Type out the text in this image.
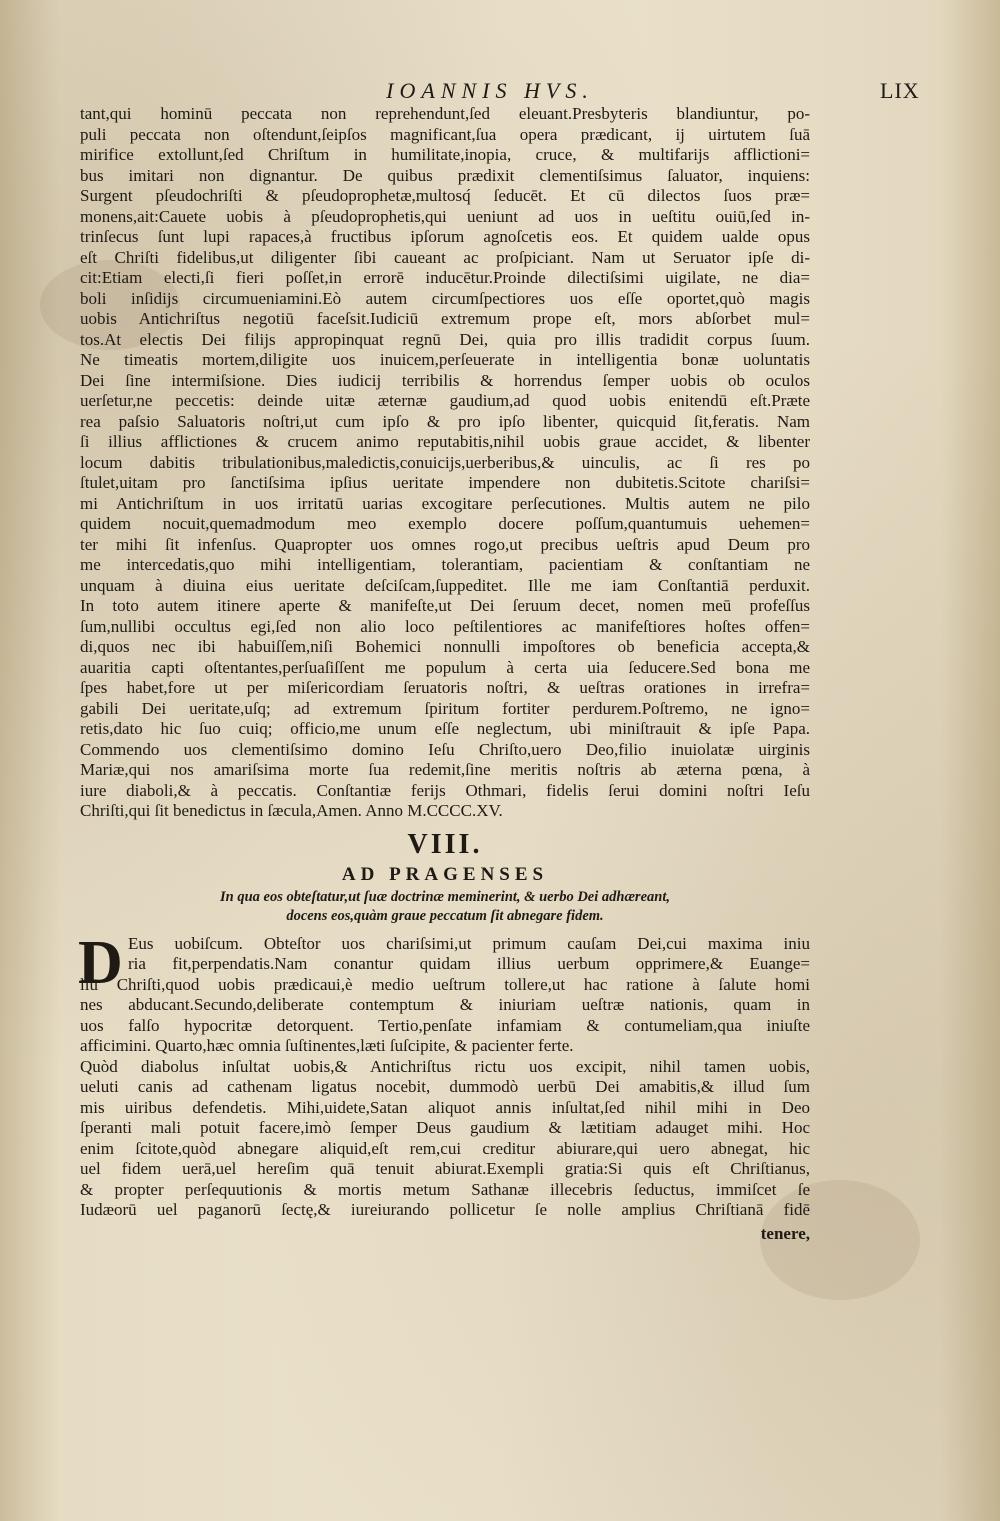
IOANNIS HVS.	LIX
tant,qui hominū peccata non reprehendunt,ſed eleuant.Presbyteris blandiuntur, po-
puli peccata non oſtendunt,ſeipſos magnificant,ſua opera prædicant, ij uirtutem ſuā
mirifice extollunt,ſed Chriſtum in humilitate,inopia, cruce, & multifarijs afflictioni=
bus imitari non dignantur. De quibus prædixit clementiſsimus ſaluator, inquiens:
Surgent pſeudochriſti & pſeudoprophetæ,multosq́ ſeducēt. Et cū dilectos ſuos præ=
monens,ait:Cauete uobis à pſeudoprophetis,qui ueniunt ad uos in ueſtitu ouiū,ſed in-
trinſecus ſunt lupi rapaces,à fructibus ipſorum agnoſcetis eos. Et quidem ualde opus
eſt Chriſti fidelibus,ut diligenter ſibi caueant ac proſpiciant. Nam ut Seruator ipſe di-
cit:Etiam electi,ſi fieri poſſet,in errorē inducētur.Proinde dilectiſsimi uigilate, ne dia=
boli inſidijs circumueniamini.Eò autem circumſpectiores uos eſſe oportet,quò magis
uobis Antichriſtus negotiū faceſsit.Iudiciū extremum prope eſt, mors abſorbet mul=
tos.At electis Dei filijs appropinquat regnū Dei, quia pro illis tradidit corpus ſuum.
Ne timeatis mortem,diligite uos inuicem,perſeuerate in intelligentia bonæ uoluntatis
Dei ſine intermiſsione. Dies iudicij terribilis & horrendus ſemper uobis ob oculos
uerſetur,ne peccetis: deinde uitæ æternæ gaudium,ad quod uobis enitendū eſt.Præte
rea paſsio Saluatoris noſtri,ut cum ipſo & pro ipſo libenter, quicquid ſit,feratis. Nam
ſi illius afflictiones & crucem animo reputabitis,nihil uobis graue accidet, & libenter
locum dabitis tribulationibus,maledictis,conuicijs,uerberibus,& uinculis, ac ſi res po
ſtulet,uitam pro ſanctiſsima ipſius ueritate impendere non dubitetis.Scitote chariſsi=
mi Antichriſtum in uos irritatū uarias excogitare perſecutiones. Multis autem ne pilo
quidem nocuit,quemadmodum meo exemplo docere poſſum,quantumuis uehemen=
ter mihi ſit infenſus. Quapropter uos omnes rogo,ut precibus ueſtris apud Deum pro
me intercedatis,quo mihi intelligentiam, tolerantiam, pacientiam & conſtantiam ne
unquam à diuina eius ueritate deſciſcam,ſuppeditet. Ille me iam Conſtantiā perduxit.
In toto autem itinere aperte & manifeſte,ut Dei ſeruum decet, nomen meū profeſſus
ſum,nullibi occultus egi,ſed non alio loco peſtilentiores ac manifeſtiores hoſtes offen=
di,quos nec ibi habuiſſem,niſi Bohemici nonnulli impoſtores ob beneficia accepta,&
auaritia capti oſtentantes,perſuaſiſſent me populum à certa uia ſeducere.Sed bona me
ſpes habet,fore ut per miſericordiam ſeruatoris noſtri, & ueſtras orationes in irrefra=
gabili Dei ueritate,uſq; ad extremum ſpiritum fortiter perdurem.Poſtremo, ne igno=
retis,dato hic ſuo cuiq; officio,me unum eſſe neglectum, ubi miniſtrauit & ipſe Papa.
Commendo uos clementiſsimo domino Ieſu Chriſto,uero Deo,filio inuiolatæ uirginis
Mariæ,qui nos amariſsima morte ſua redemit,ſine meritis noſtris ab æterna pœna, à
iure diaboli,& à peccatis. Conſtantiæ ferijs Othmari, fidelis ſerui domini noſtri Ieſu
Chriſti,qui ſit benedictus in ſæcula,Amen. Anno M.CCCC.XV.
VIII.
AD PRAGENSES
In qua eos obteſtatur,ut ſuæ doctrinæ meminerint, & uerbo Dei adhæreant,
docens eos,quàm graue peccatum ſit abnegare fidem.
D Eus uobiſcum. Obteſtor uos chariſsimi,ut primum cauſam Dei,cui maxima iniu
ria fit,perpendatis.Nam conantur quidam illius uerbum opprimere,& Euange=
liū Chriſti,quod uobis prædicaui,è medio ueſtrum tollere,ut hac ratione à ſalute homi
nes abducant.Secundo,deliberate contemptum & iniuriam ueſtræ nationis, quam in
uos falſo hypocritæ detorquent. Tertio,penſate infamiam & contumeliam,qua iniuſte
afficimini. Quarto,hæc omnia ſuſtinentes,læti ſuſcipite, & pacienter ferte.
Quòd diabolus inſultat uobis,& Antichriſtus rictu uos excipit, nihil tamen uobis,
ueluti canis ad cathenam ligatus nocebit, dummodò uerbū Dei amabitis,& illud ſum
mis uiribus defendetis. Mihi,uidete,Satan aliquot annis inſultat,ſed nihil mihi in Deo
ſperanti mali potuit facere,imò ſemper Deus gaudium & lætitiam adauget mihi. Hoc
enim ſcitote,quòd abnegare aliquid,eſt rem,cui creditur abiurare,qui uero abnegat, hic
uel fidem uerā,uel hereſim quā tenuit abiurat.Exempli gratia:Si quis eſt Chriſtianus,
& propter perſequutionis & mortis metum Sathanæ illecebris ſeductus, immiſcet ſe
Iudæorū uel paganorū ſectę,& iureiurando pollicetur ſe nolle amplius Chriſtianā fidē
tenere,
